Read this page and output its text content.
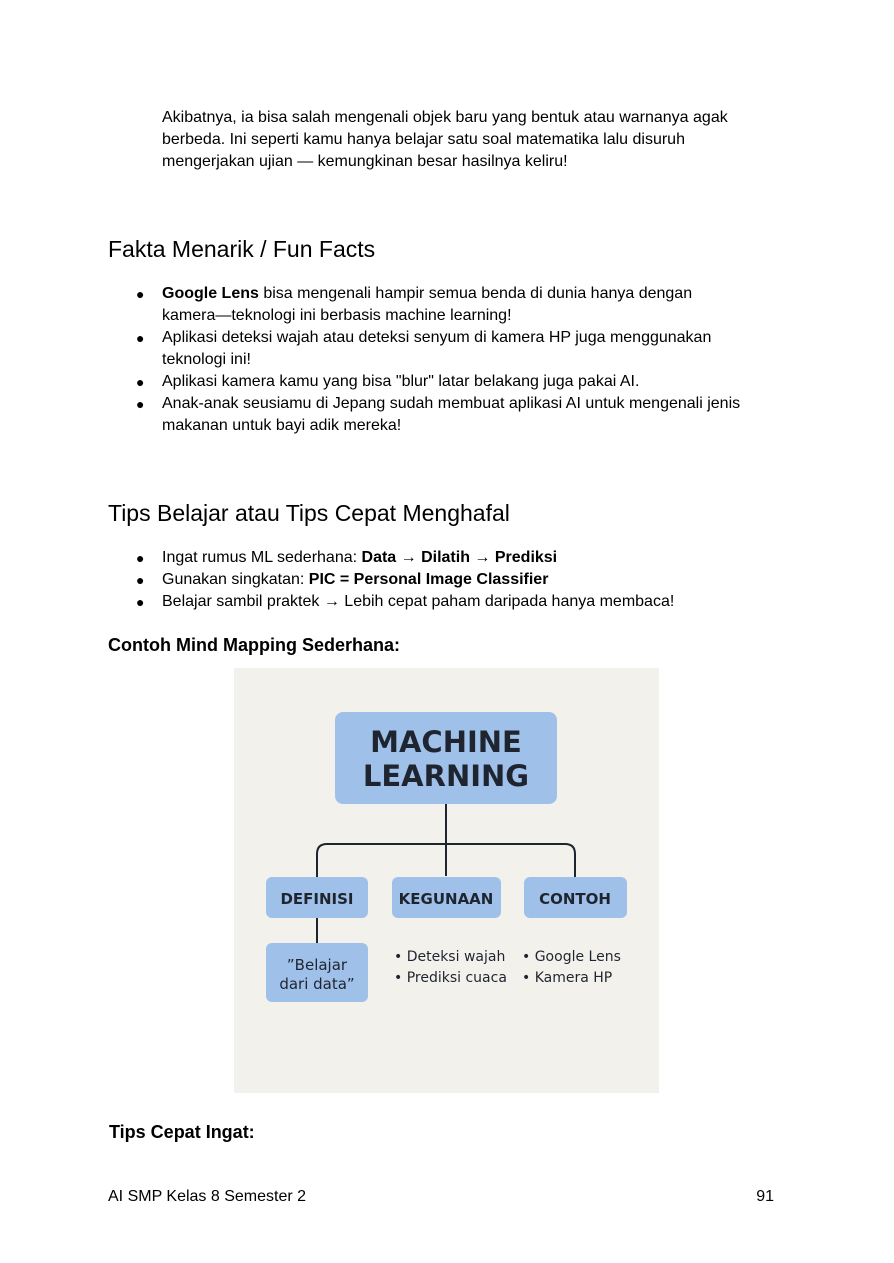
Akibatnya, ia bisa salah mengenali objek baru yang bentuk atau warnanya agak
berbeda. Ini seperti kamu hanya belajar satu soal matematika lalu disuruh
mengerjakan ujian — kemungkinan besar hasilnya keliru!
Fakta Menarik / Fun Facts
● Google Lens bisa mengenali hampir semua benda di dunia hanya dengan
kamera—teknologi ini berbasis machine learning!
● Aplikasi deteksi wajah atau deteksi senyum di kamera HP juga menggunakan
teknologi ini!
● Aplikasi kamera kamu yang bisa "blur" latar belakang juga pakai AI.
● Anak-anak seusiamu di Jepang sudah membuat aplikasi AI untuk mengenali jenis
makanan untuk bayi adik mereka!
Tips Belajar atau Tips Cepat Menghafal
● Ingat rumus ML sederhana: Data → Dilatih → Prediksi
● Gunakan singkatan: PIC = Personal Image Classifier
● Belajar sambil praktek → Lebih cepat paham daripada hanya membaca!
Contoh Mind Mapping Sederhana:
MACHINE
LEARNING
DEFINISI	KEGUNAAN	CONTOH
”Belajar
dari data”
• Deteksi wajah
• Prediksi cuaca
• Google Lens
• Kamera HP
Tips Cepat Ingat:
AI SMP Kelas 8 Semester 2	91
